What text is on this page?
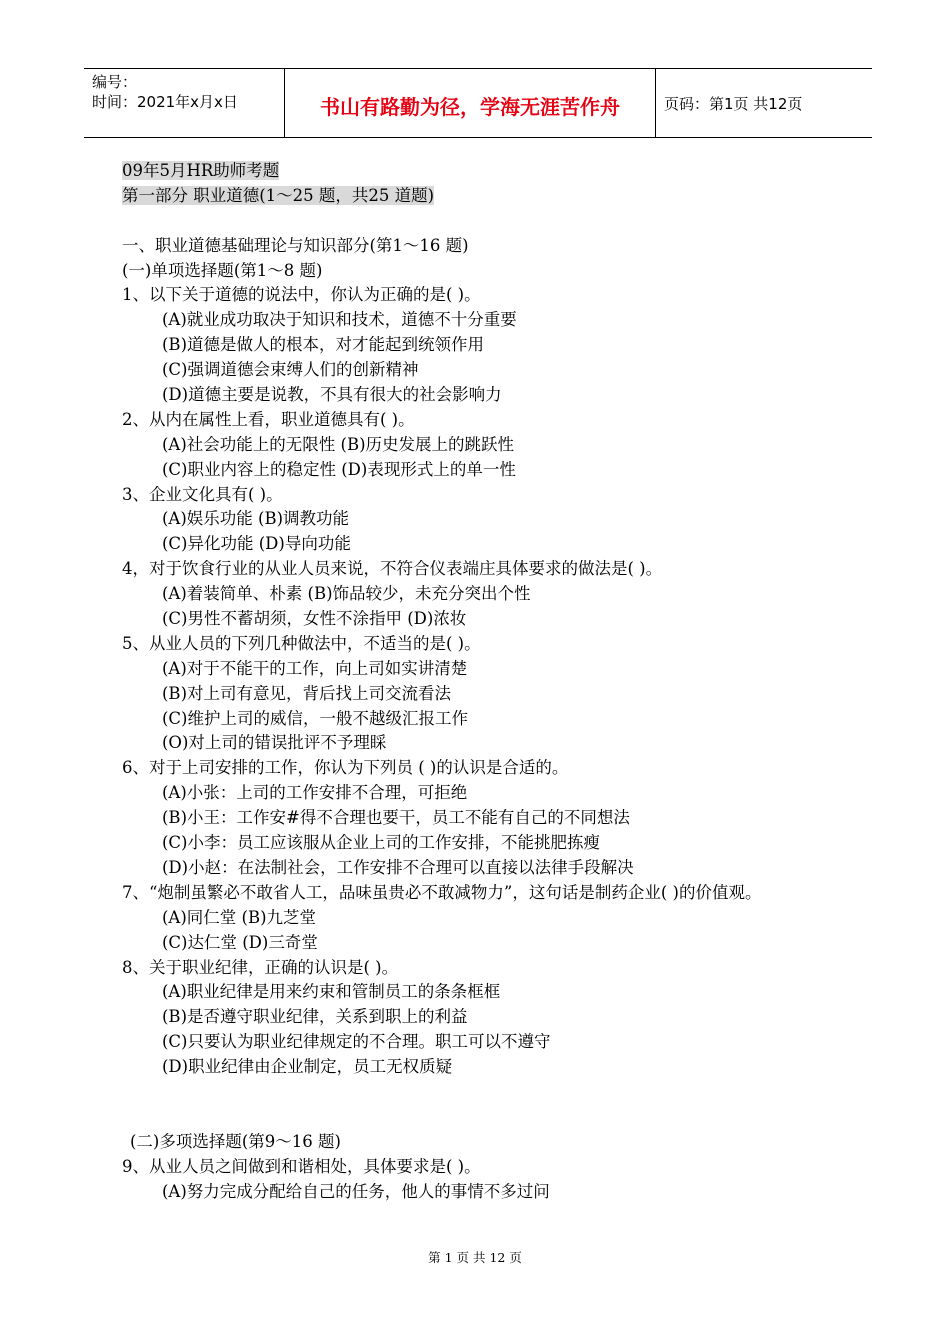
编号：
时间：2021年x月x日	书山有路勤为径，学海无涯苦作舟	页码：第1页 共12页
09年5月HR助师考题
第一部分 职业道德(1～25 题，共25 道题)
一、职业道德基础理论与知识部分(第1～16 题)
(一)单项选择题(第1～8 题)
1、以下关于道德的说法中，你认为正确的是( )。
(A)就业成功取决于知识和技术，道德不十分重要
(B)道德是做人的根本，对才能起到统领作用
(C)强调道德会束缚人们的创新精神
(D)道德主要是说教，不具有很大的社会影响力
2、从内在属性上看，职业道德具有( )。
(A)社会功能上的无限性 (B)历史发展上的跳跃性
(C)职业内容上的稳定性 (D)表现形式上的单一性
3、企业文化具有( )。
(A)娱乐功能 (B)调教功能
(C)异化功能 (D)导向功能
4，对于饮食行业的从业人员来说，不符合仪表端庄具体要求的做法是( )。
(A)着装简单、朴素 (B)饰品较少，未充分突出个性
(C)男性不蓄胡须，女性不涂指甲 (D)浓妆
5、从业人员的下列几种做法中，不适当的是( )。
(A)对于不能干的工作，向上司如实讲清楚
(B)对上司有意见，背后找上司交流看法
(C)维护上司的威信，一般不越级汇报工作
(O)对上司的错误批评不予理睬
6、对于上司安排的工作，你认为下列员 ( )的认识是合适的。
(A)小张：上司的工作安排不合理，可拒绝
(B)小王：工作安#得不合理也要干，员工不能有自己的不同想法
(C)小李：员工应该服从企业上司的工作安排，不能挑肥拣瘦
(D)小赵：在法制社会，工作安排不合理可以直接以法律手段解决
7、“炮制虽繁必不敢省人工，品味虽贵必不敢减物力”，这句话是制药企业( )的价值观。
(A)同仁堂 (B)九芝堂
(C)达仁堂 (D)三奇堂
8、关于职业纪律，正确的认识是( )。
(A)职业纪律是用来约束和管制员工的条条框框
(B)是否遵守职业纪律，关系到职上的利益
(C)只要认为职业纪律规定的不合理。职工可以不遵守
(D)职业纪律由企业制定，员工无权质疑
(二)多项选择题(第9～16 题)
9、从业人员之间做到和谐相处，具体要求是( )。
(A)努力完成分配给自己的任务，他人的事情不多过问
第 1 页 共 12 页
